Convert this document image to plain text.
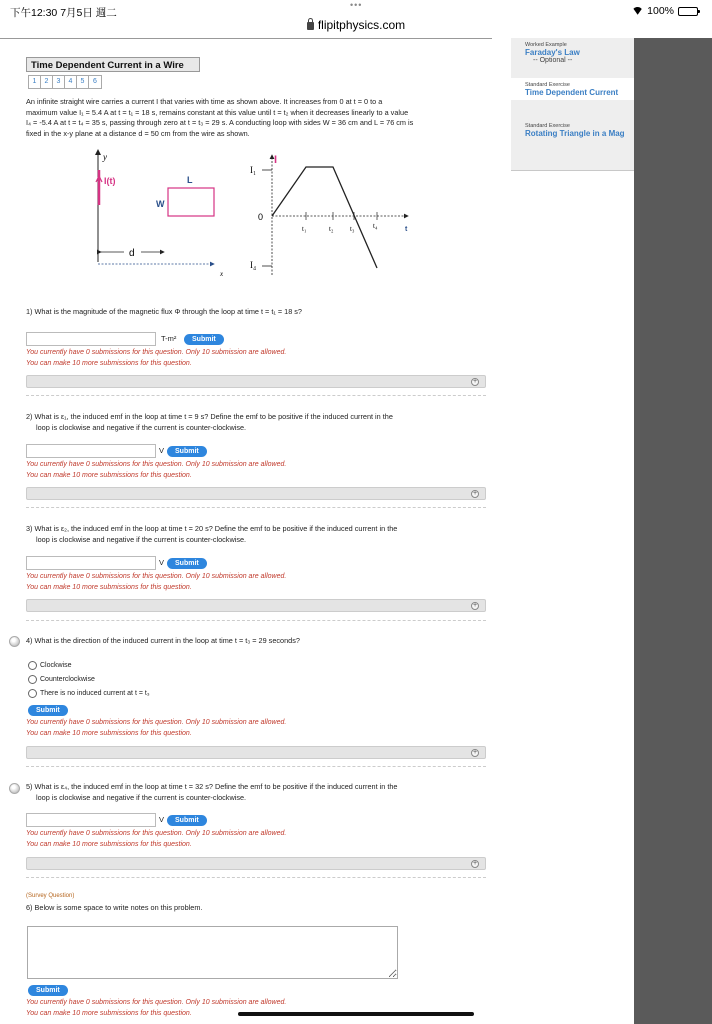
下午12:30 7月5日 週二
•••	100%
flipitphysics.com
Worked Example
Faraday's Law
-- Optional --
Standard Exercise
Time Dependent Current
Standard Exercise
Rotating Triangle in a Mag
Time Dependent Current in a Wire
1	2	3	4	5	6
An infinite straight wire carries a current I that varies with time as shown above. It increases from 0 at t = 0 to a
maximum value I₁ = 5.4 A at t = t₁ = 18 s, remains constant at this value until t = t₂ when it decreases linearly to a value
I₄ = -5.4 A at t = t₄ = 35 s, passing through zero at t = t₃ = 29 s. A conducting loop with sides W = 36 cm and L = 76 cm is
fixed in the x-y plane at a distance d = 50 cm from the wire as shown.
y
x
I(t)	L
W
d
I
I₁
0
I₄
t₁	t₂ t₃	t₄	t
1) What is the magnitude of the magnetic flux Φ through the loop at time t = t₁ = 18 s?
T-m²	Submit
You currently have 0 submissions for this question. Only 10 submission are allowed.
You can make 10 more submissions for this question.
+
2) What is ε₁, the induced emf in the loop at time t = 9 s? Define the emf to be positive if the induced current in the
loop is clockwise and negative if the current is counter-clockwise.
V	Submit
You currently have 0 submissions for this question. Only 10 submission are allowed.
You can make 10 more submissions for this question.
+
3) What is ε₂, the induced emf in the loop at time t = 20 s? Define the emf to be positive if the induced current in the
loop is clockwise and negative if the current is counter-clockwise.
V	Submit
You currently have 0 submissions for this question. Only 10 submission are allowed.
You can make 10 more submissions for this question.
+
4) What is the direction of the induced current in the loop at time t = t₃ = 29 seconds?
Clockwise
Counterclockwise
There is no induced current at t = t₃
Submit
You currently have 0 submissions for this question. Only 10 submission are allowed.
You can make 10 more submissions for this question.
+
5) What is ε₄, the induced emf in the loop at time t = 32 s? Define the emf to be positive if the induced current in the
loop is clockwise and negative if the current is counter-clockwise.
V	Submit
You currently have 0 submissions for this question. Only 10 submission are allowed.
You can make 10 more submissions for this question.
+
(Survey Question)
6) Below is some space to write notes on this problem.
Submit
You currently have 0 submissions for this question. Only 10 submission are allowed.
You can make 10 more submissions for this question.
